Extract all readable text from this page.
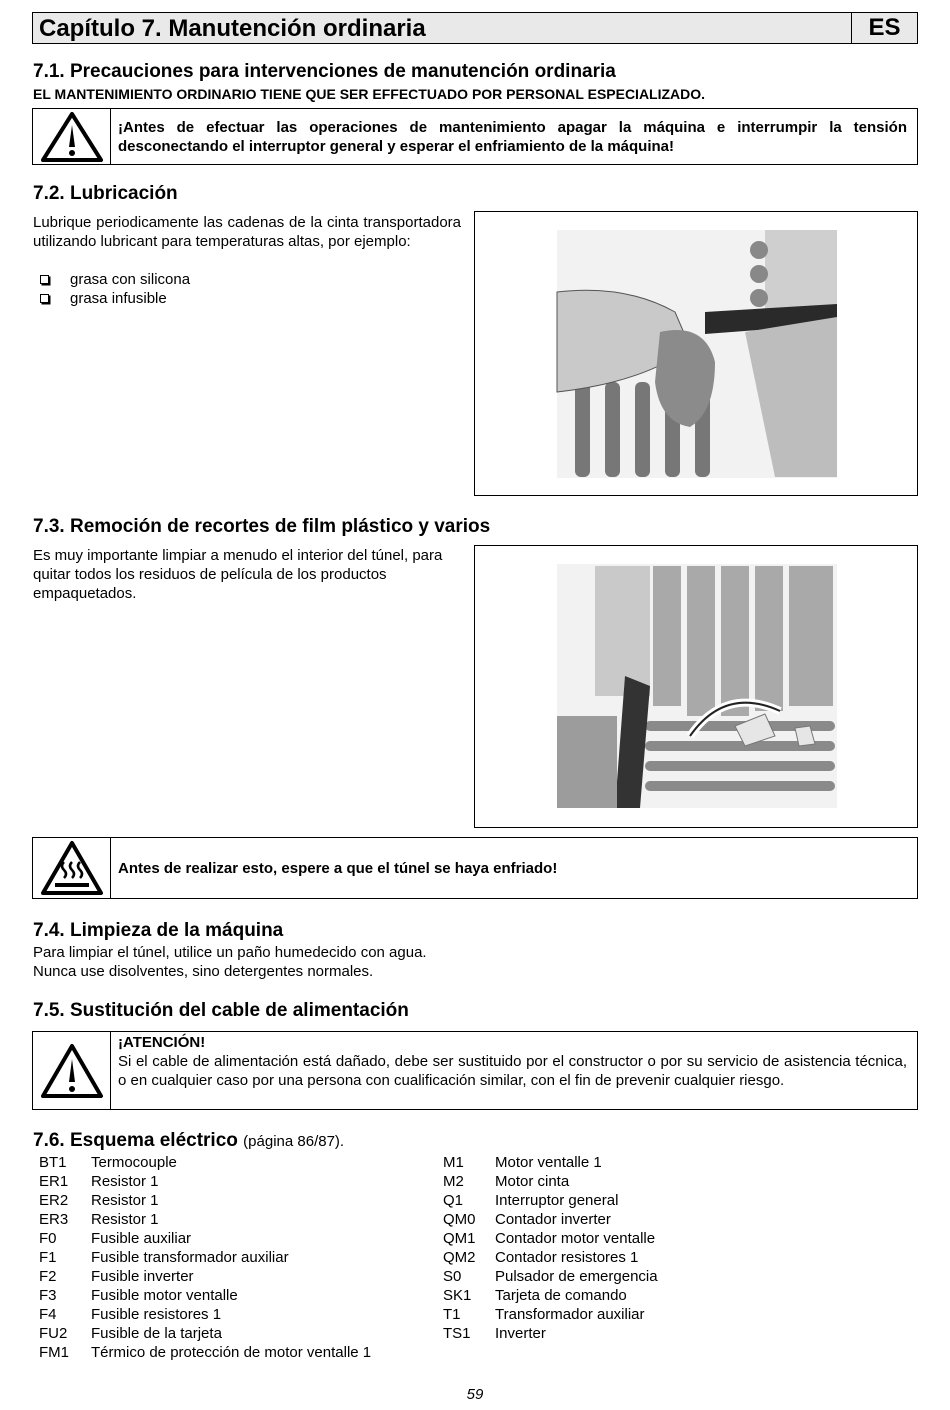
Capítulo 7. Manutención ordinaria	ES
7.1. Precauciones para intervenciones de manutención ordinaria
EL MANTENIMIENTO ORDINARIO TIENE QUE SER EFFECTUADO POR PERSONAL ESPECIALIZADO.
¡Antes de efectuar las operaciones de mantenimiento apagar la máquina e interrumpir la tensión desconectando el interruptor general y esperar el enfriamiento de la máquina!
7.2. Lubricación
Lubrique periodicamente las cadenas de la cinta transportadora utilizando lubricant para temperaturas altas, por ejemplo:
grasa con silicona
grasa infusible
7.3. Remoción de recortes de film plástico y varios
Es muy importante limpiar a menudo el interior del túnel, para quitar todos los residuos de película de los productos empaquetados.
Antes de realizar esto, espere a que el túnel se haya enfriado!
7.4. Limpieza de la máquina
Para limpiar el túnel, utilice un paño humedecido con agua.
Nunca use disolventes, sino detergentes normales.
7.5. Sustitución del cable de alimentación
¡ATENCIÓN!
Si el cable de alimentación está dañado, debe ser sustituido por el constructor o por su servicio de asistencia técnica, o en cualquier caso por una persona con cualificación similar, con el fin de prevenir cualquier riesgo.
7.6. Esquema eléctrico (página 86/87).
BT1	Termocouple
ER1	Resistor 1
ER2	Resistor 1
ER3	Resistor 1
F0	Fusible auxiliar
F1	Fusible transformador auxiliar
F2	Fusible inverter
F3	Fusible motor ventalle
F4	Fusible resistores 1
FU2	Fusible de la tarjeta
FM1	Térmico de protección de motor ventalle 1
M1	Motor ventalle 1
M2	Motor cinta
Q1	Interruptor general
QM0	Contador inverter
QM1	Contador motor ventalle
QM2	Contador resistores 1
S0	Pulsador de emergencia
SK1	Tarjeta de comando
T1	Transformador auxiliar
TS1	Inverter
59
